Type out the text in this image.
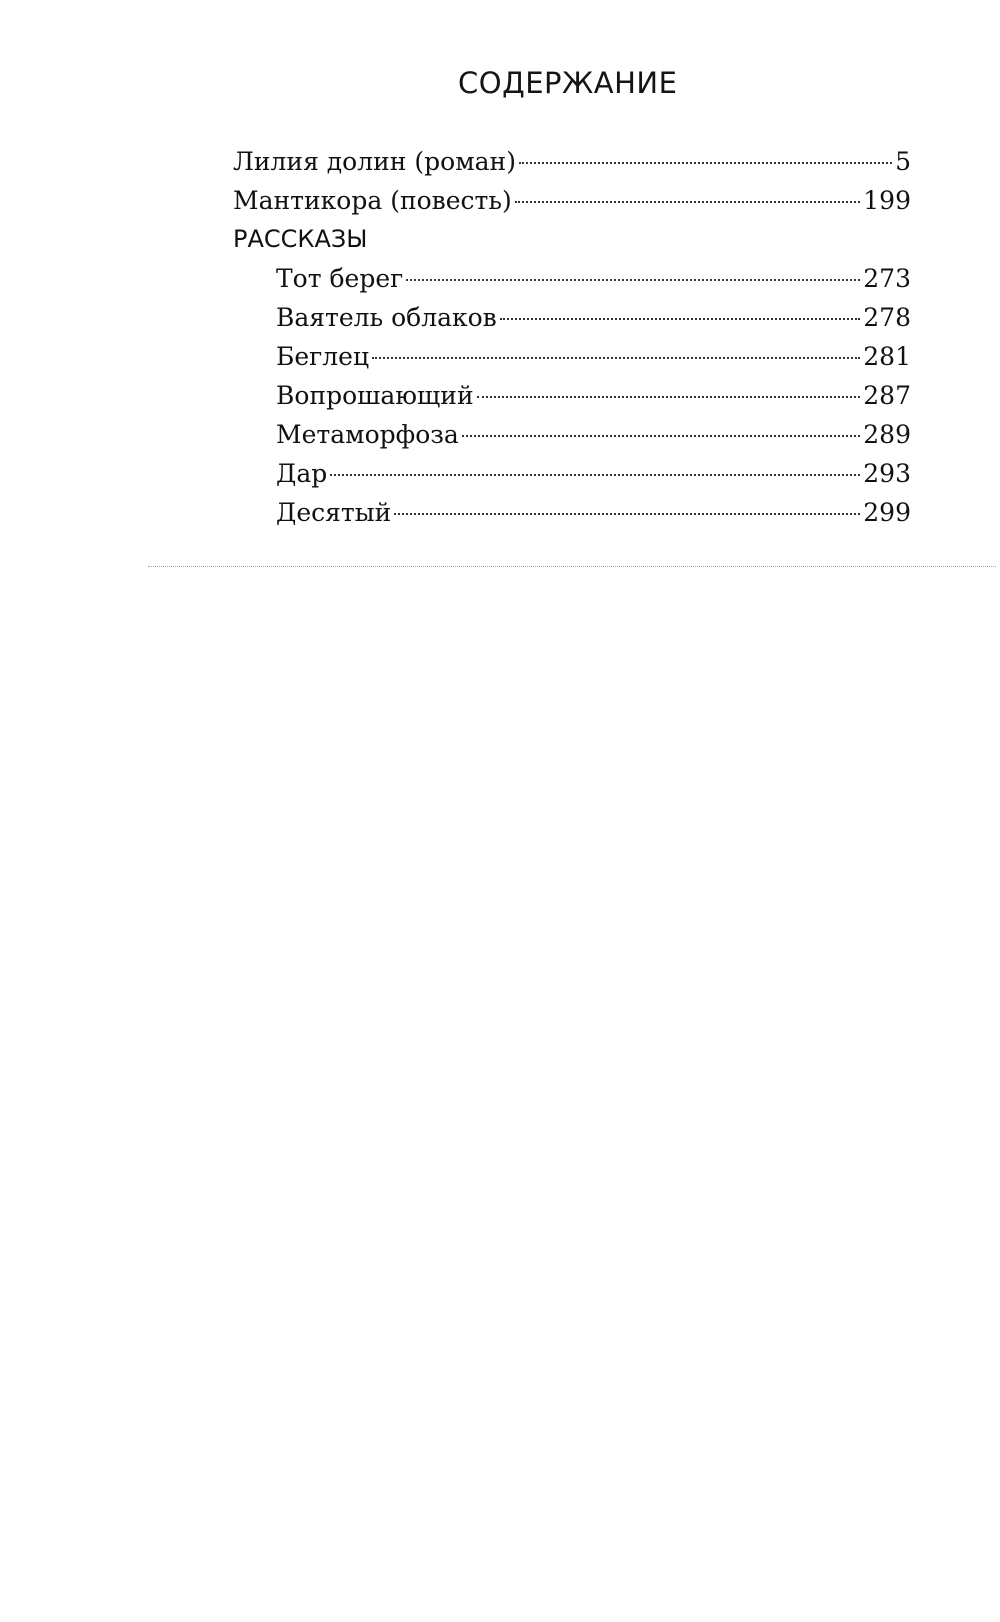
СОДЕРЖАНИЕ
Лилия долин (роман)	5
Мантикора (повесть)	199
РАССКАЗЫ
Тот берег	273
Ваятель облаков	278
Беглец	281
Вопрошающий	287
Метаморфоза	289
Дар	293
Десятый	299
